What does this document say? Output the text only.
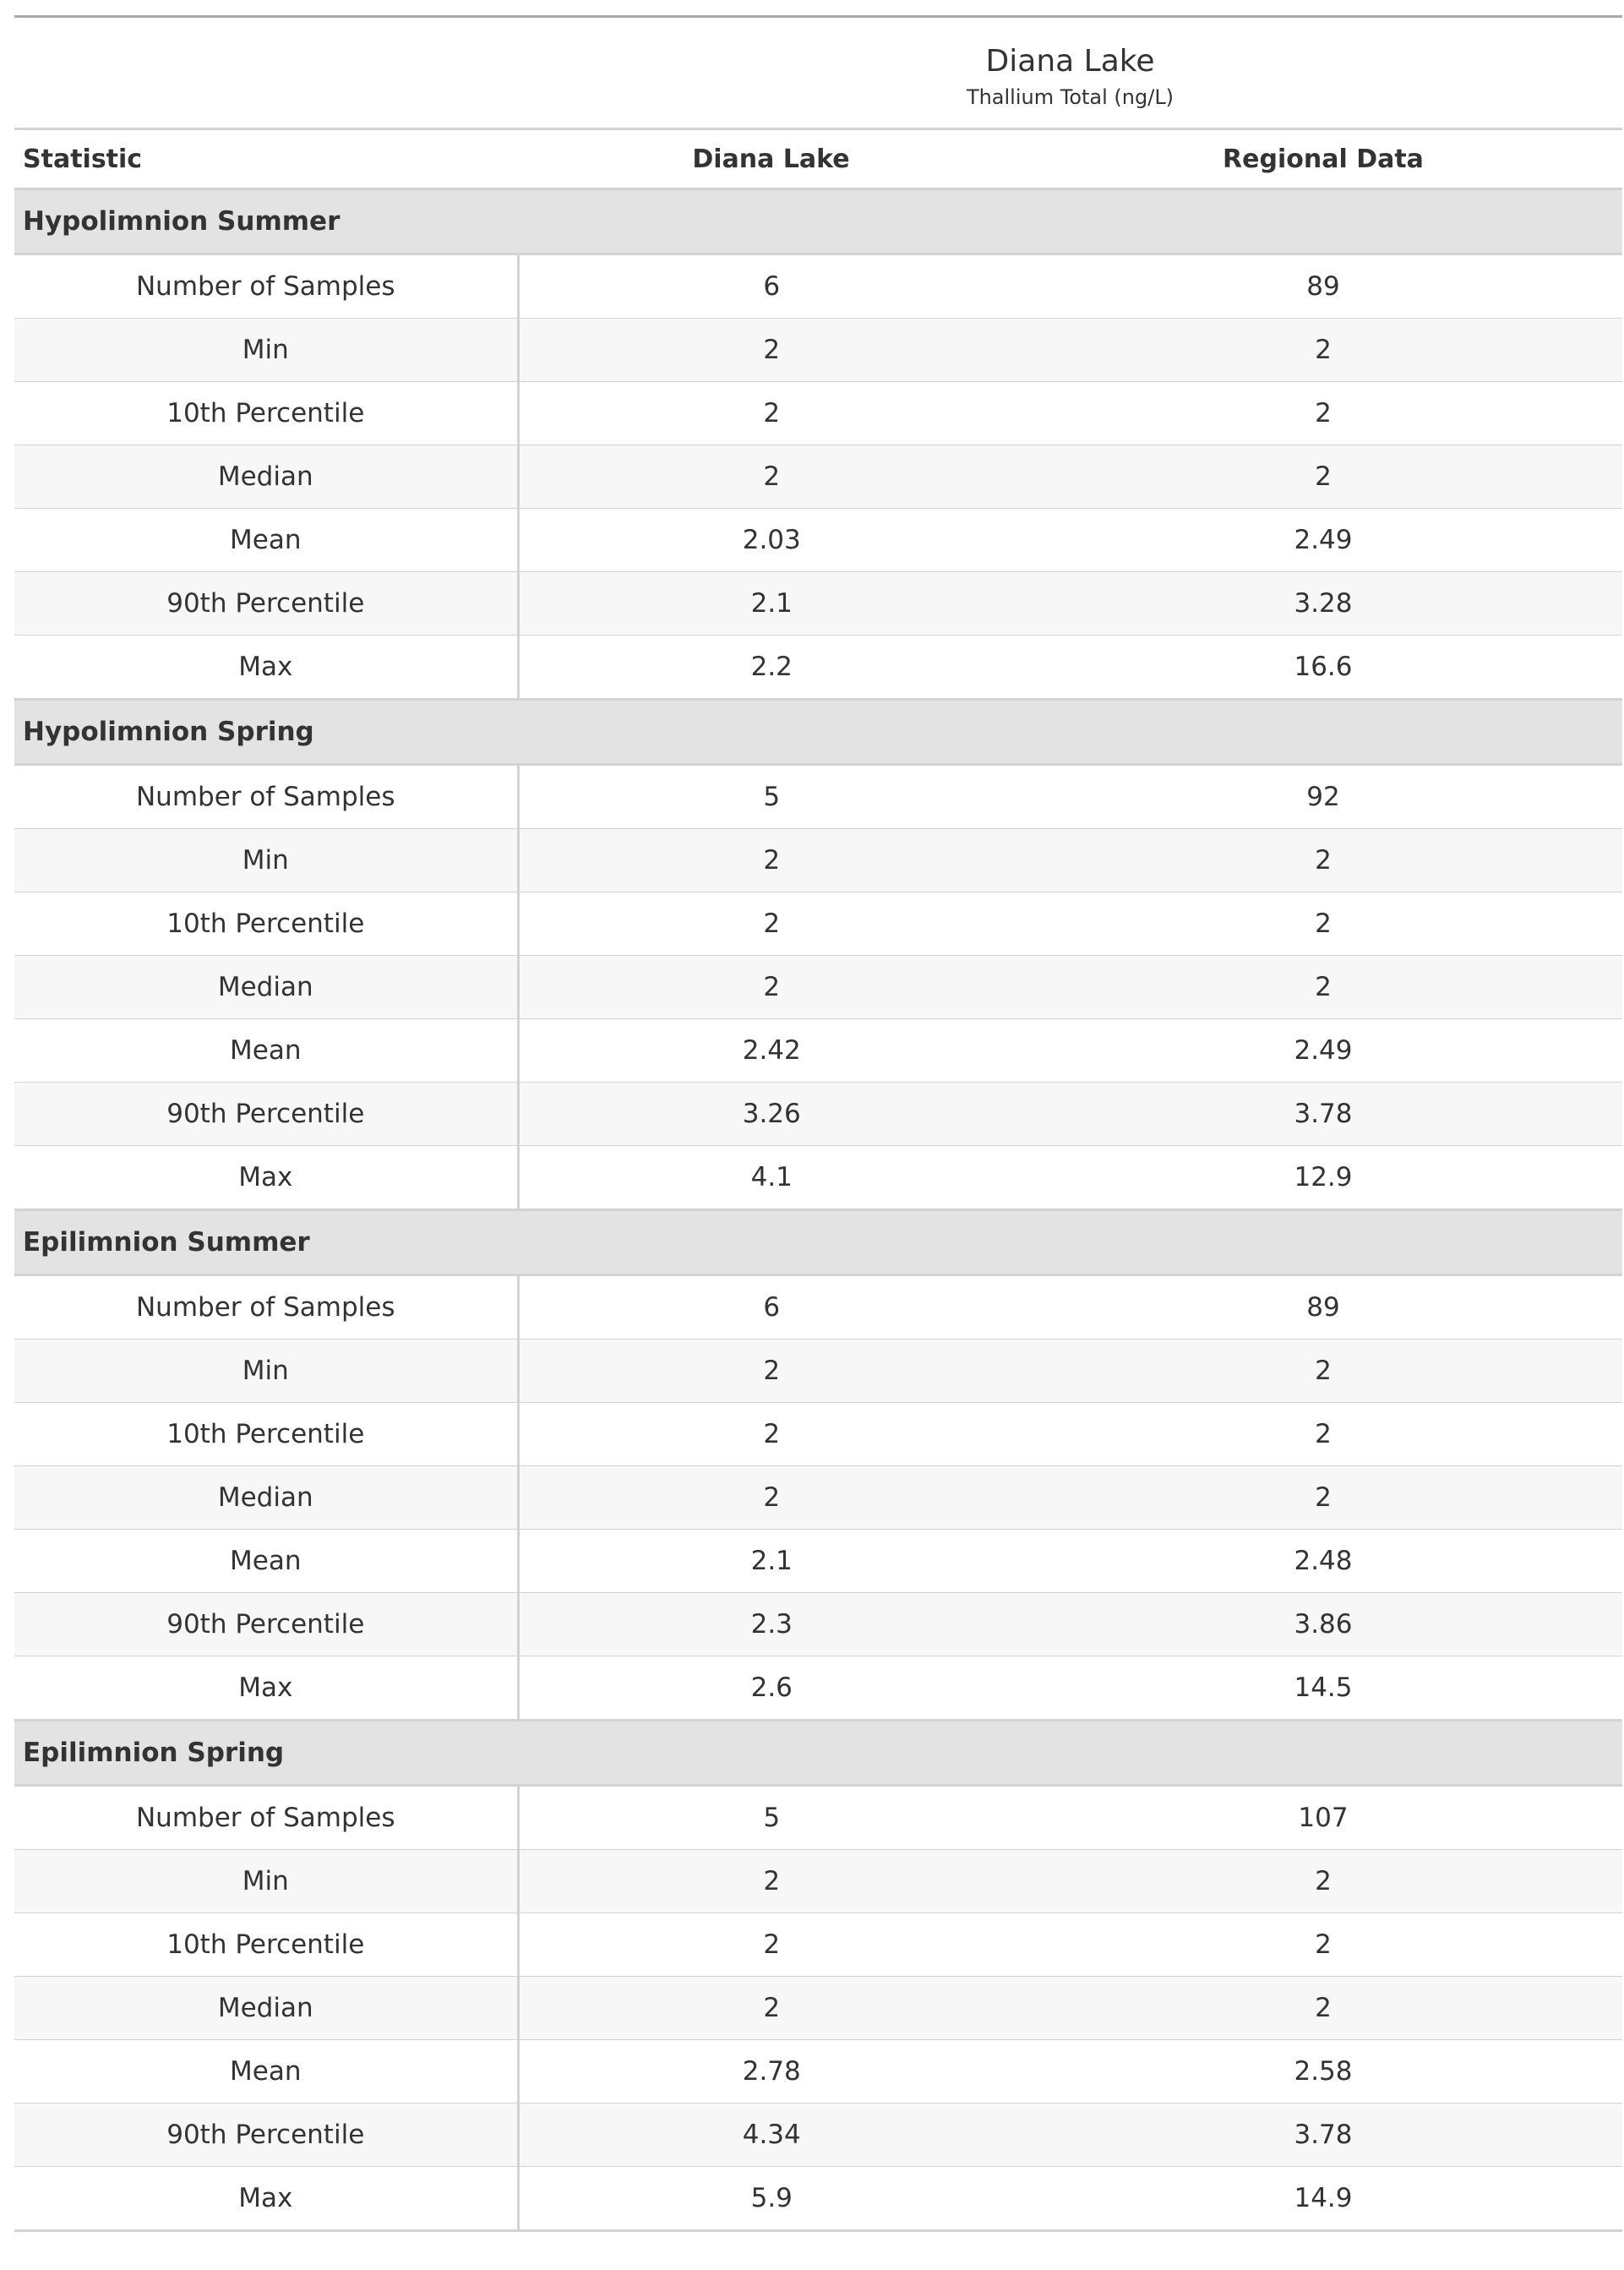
	Diana Lake	
	Thallium Total (ng/L)	
Statistic	Diana Lake	Regional Data
Hypolimnion Summer		
Number of Samples	6	89
Min	2	2
10th Percentile	2	2
Median	2	2
Mean	2.03	2.49
90th Percentile	2.1	3.28
Max	2.2	16.6
Hypolimnion Spring		
Number of Samples	5	92
Min	2	2
10th Percentile	2	2
Median	2	2
Mean	2.42	2.49
90th Percentile	3.26	3.78
Max	4.1	12.9
Epilimnion Summer		
Number of Samples	6	89
Min	2	2
10th Percentile	2	2
Median	2	2
Mean	2.1	2.48
90th Percentile	2.3	3.86
Max	2.6	14.5
Epilimnion Spring		
Number of Samples	5	107
Min	2	2
10th Percentile	2	2
Median	2	2
Mean	2.78	2.58
90th Percentile	4.34	3.78
Max	5.9	14.9
